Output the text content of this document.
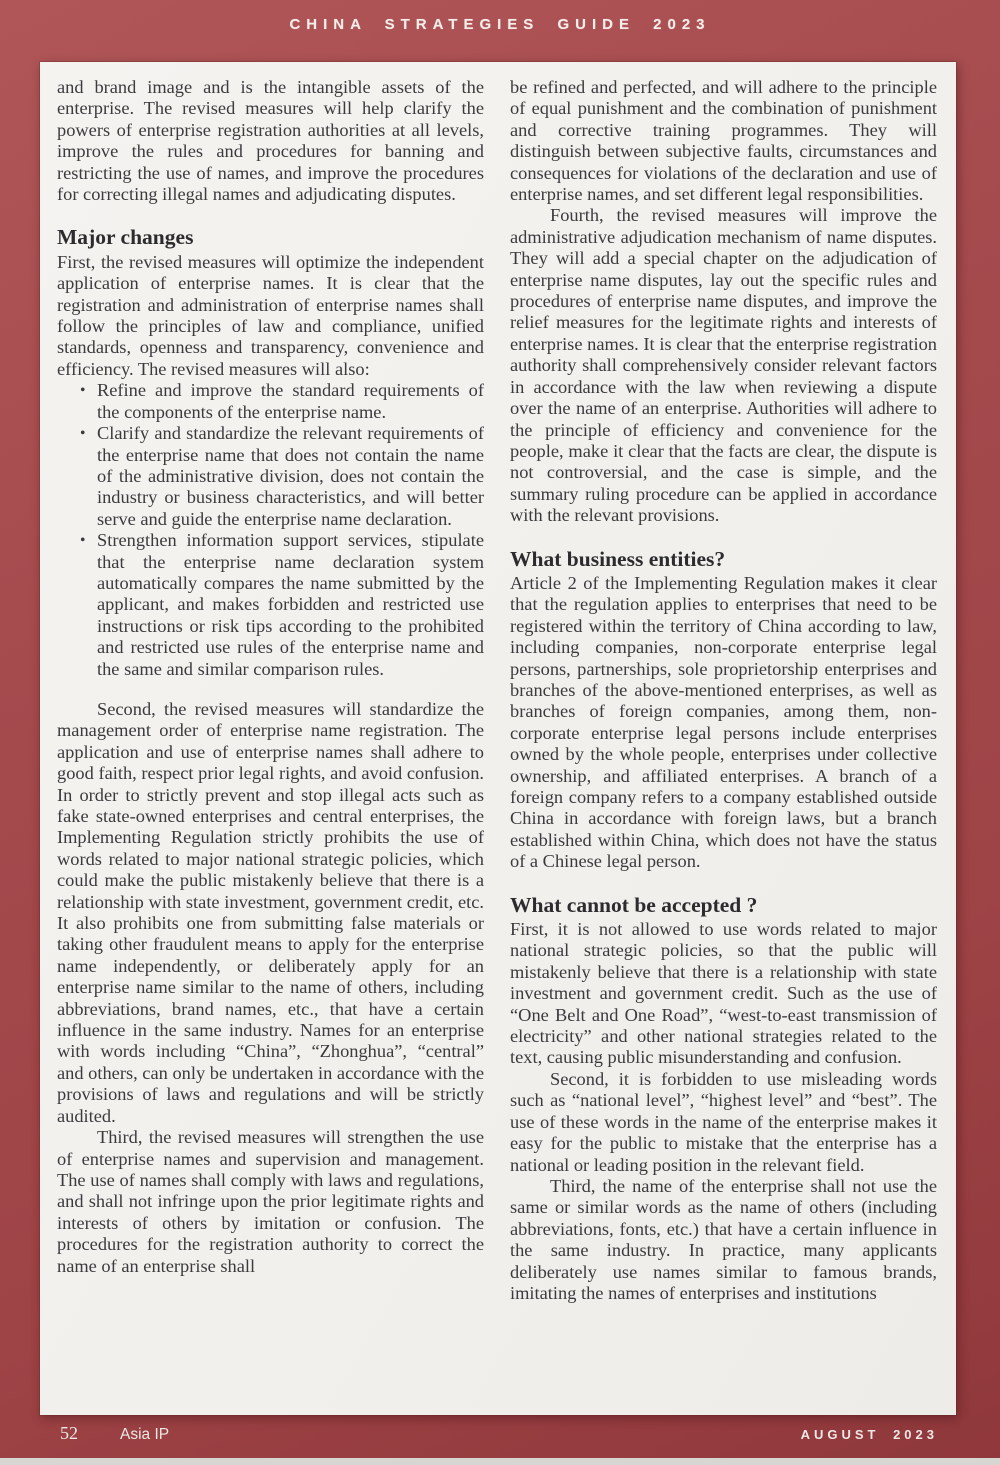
CHINA STRATEGIES GUIDE 2023

and brand image and is the intangible assets of the enterprise. The revised measures will help clarify the powers of enterprise registration authorities at all levels, improve the rules and procedures for banning and restricting the use of names, and improve the procedures for correcting illegal names and adjudicating disputes.

Major changes

First, the revised measures will optimize the independent application of enterprise names. It is clear that the registration and administration of enterprise names shall follow the principles of law and compliance, unified standards, openness and transparency, convenience and efficiency. The revised measures will also:

• Refine and improve the standard requirements of the components of the enterprise name.
• Clarify and standardize the relevant requirements of the enterprise name that does not contain the name of the administrative division, does not contain the industry or business characteristics, and will better serve and guide the enterprise name declaration.
• Strengthen information support services, stipulate that the enterprise name declaration system automatically compares the name submitted by the applicant, and makes forbidden and restricted use instructions or risk tips according to the prohibited and restricted use rules of the enterprise name and the same and similar comparison rules.

Second, the revised measures will standardize the management order of enterprise name registration. The application and use of enterprise names shall adhere to good faith, respect prior legal rights, and avoid confusion. In order to strictly prevent and stop illegal acts such as fake state-owned enterprises and central enterprises, the Implementing Regulation strictly prohibits the use of words related to major national strategic policies, which could make the public mistakenly believe that there is a relationship with state investment, government credit, etc. It also prohibits one from submitting false materials or taking other fraudulent means to apply for the enterprise name independently, or deliberately apply for an enterprise name similar to the name of others, including abbreviations, brand names, etc., that have a certain influence in the same industry. Names for an enterprise with words including “China”, “Zhonghua”, “central” and others, can only be undertaken in accordance with the provisions of laws and regulations and will be strictly audited.

Third, the revised measures will strengthen the use of enterprise names and supervision and management. The use of names shall comply with laws and regulations, and shall not infringe upon the prior legitimate rights and interests of others by imitation or confusion. The procedures for the registration authority to correct the name of an enterprise shall

be refined and perfected, and will adhere to the principle of equal punishment and the combination of punishment and corrective training programmes. They will distinguish between subjective faults, circumstances and consequences for violations of the declaration and use of enterprise names, and set different legal responsibilities.

Fourth, the revised measures will improve the administrative adjudication mechanism of name disputes. They will add a special chapter on the adjudication of enterprise name disputes, lay out the specific rules and procedures of enterprise name disputes, and improve the relief measures for the legitimate rights and interests of enterprise names. It is clear that the enterprise registration authority shall comprehensively consider relevant factors in accordance with the law when reviewing a dispute over the name of an enterprise. Authorities will adhere to the principle of efficiency and convenience for the people, make it clear that the facts are clear, the dispute is not controversial, and the case is simple, and the summary ruling procedure can be applied in accordance with the relevant provisions.

What business entities?

Article 2 of the Implementing Regulation makes it clear that the regulation applies to enterprises that need to be registered within the territory of China according to law, including companies, non-corporate enterprise legal persons, partnerships, sole proprietorship enterprises and branches of the above-mentioned enterprises, as well as branches of foreign companies, among them, non-corporate enterprise legal persons include enterprises owned by the whole people, enterprises under collective ownership, and affiliated enterprises. A branch of a foreign company refers to a company established outside China in accordance with foreign laws, but a branch established within China, which does not have the status of a Chinese legal person.

What cannot be accepted ?

First, it is not allowed to use words related to major national strategic policies, so that the public will mistakenly believe that there is a relationship with state investment and government credit. Such as the use of “One Belt and One Road”, “west-to-east transmission of electricity” and other national strategies related to the text, causing public misunderstanding and confusion.

Second, it is forbidden to use misleading words such as “national level”, “highest level” and “best”. The use of these words in the name of the enterprise makes it easy for the public to mistake that the enterprise has a national or leading position in the relevant field.

Third, the name of the enterprise shall not use the same or similar words as the name of others (including abbreviations, fonts, etc.) that have a certain influence in the same industry. In practice, many applicants deliberately use names similar to famous brands, imitating the names of enterprises and institutions

52	Asia IP	AUGUST 2023
